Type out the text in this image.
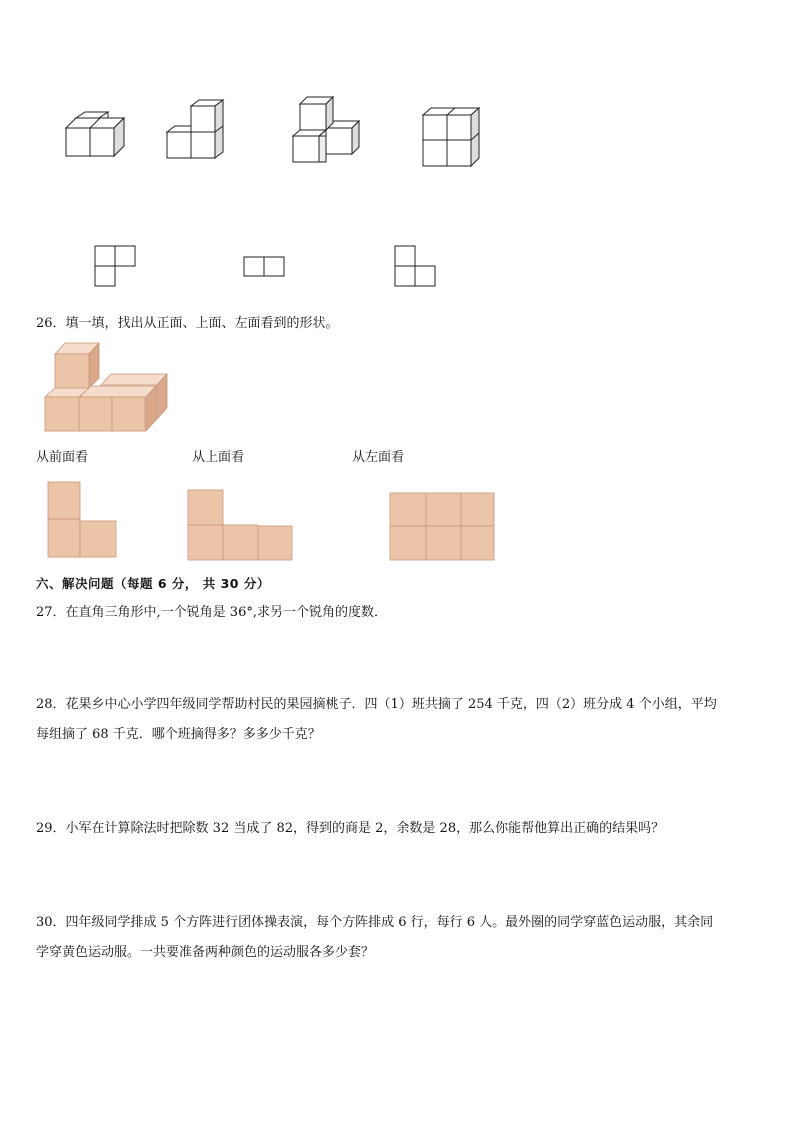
26．填一填，找出从正面、上面、左面看到的形状。
从前面看	从上面看	从左面看
六、解决问题（每题 6 分， 共 30 分）
27．在直角三角形中,一个锐角是 36°,求另一个锐角的度数．
28．花果乡中心小学四年级同学帮助村民的果园摘桃子．四（1）班共摘了 254 千克，四（2）班分成 4 个小组，平均
每组摘了 68 千克．哪个班摘得多？多多少千克？
29．小军在计算除法时把除数 32 当成了 82，得到的商是 2，余数是 28，那么你能帮他算出正确的结果吗？
30．四年级同学排成 5 个方阵进行团体操表演，每个方阵排成 6 行，每行 6 人。最外圈的同学穿蓝色运动服，其余同
学穿黄色运动服。一共要准备两种颜色的运动服各多少套？
